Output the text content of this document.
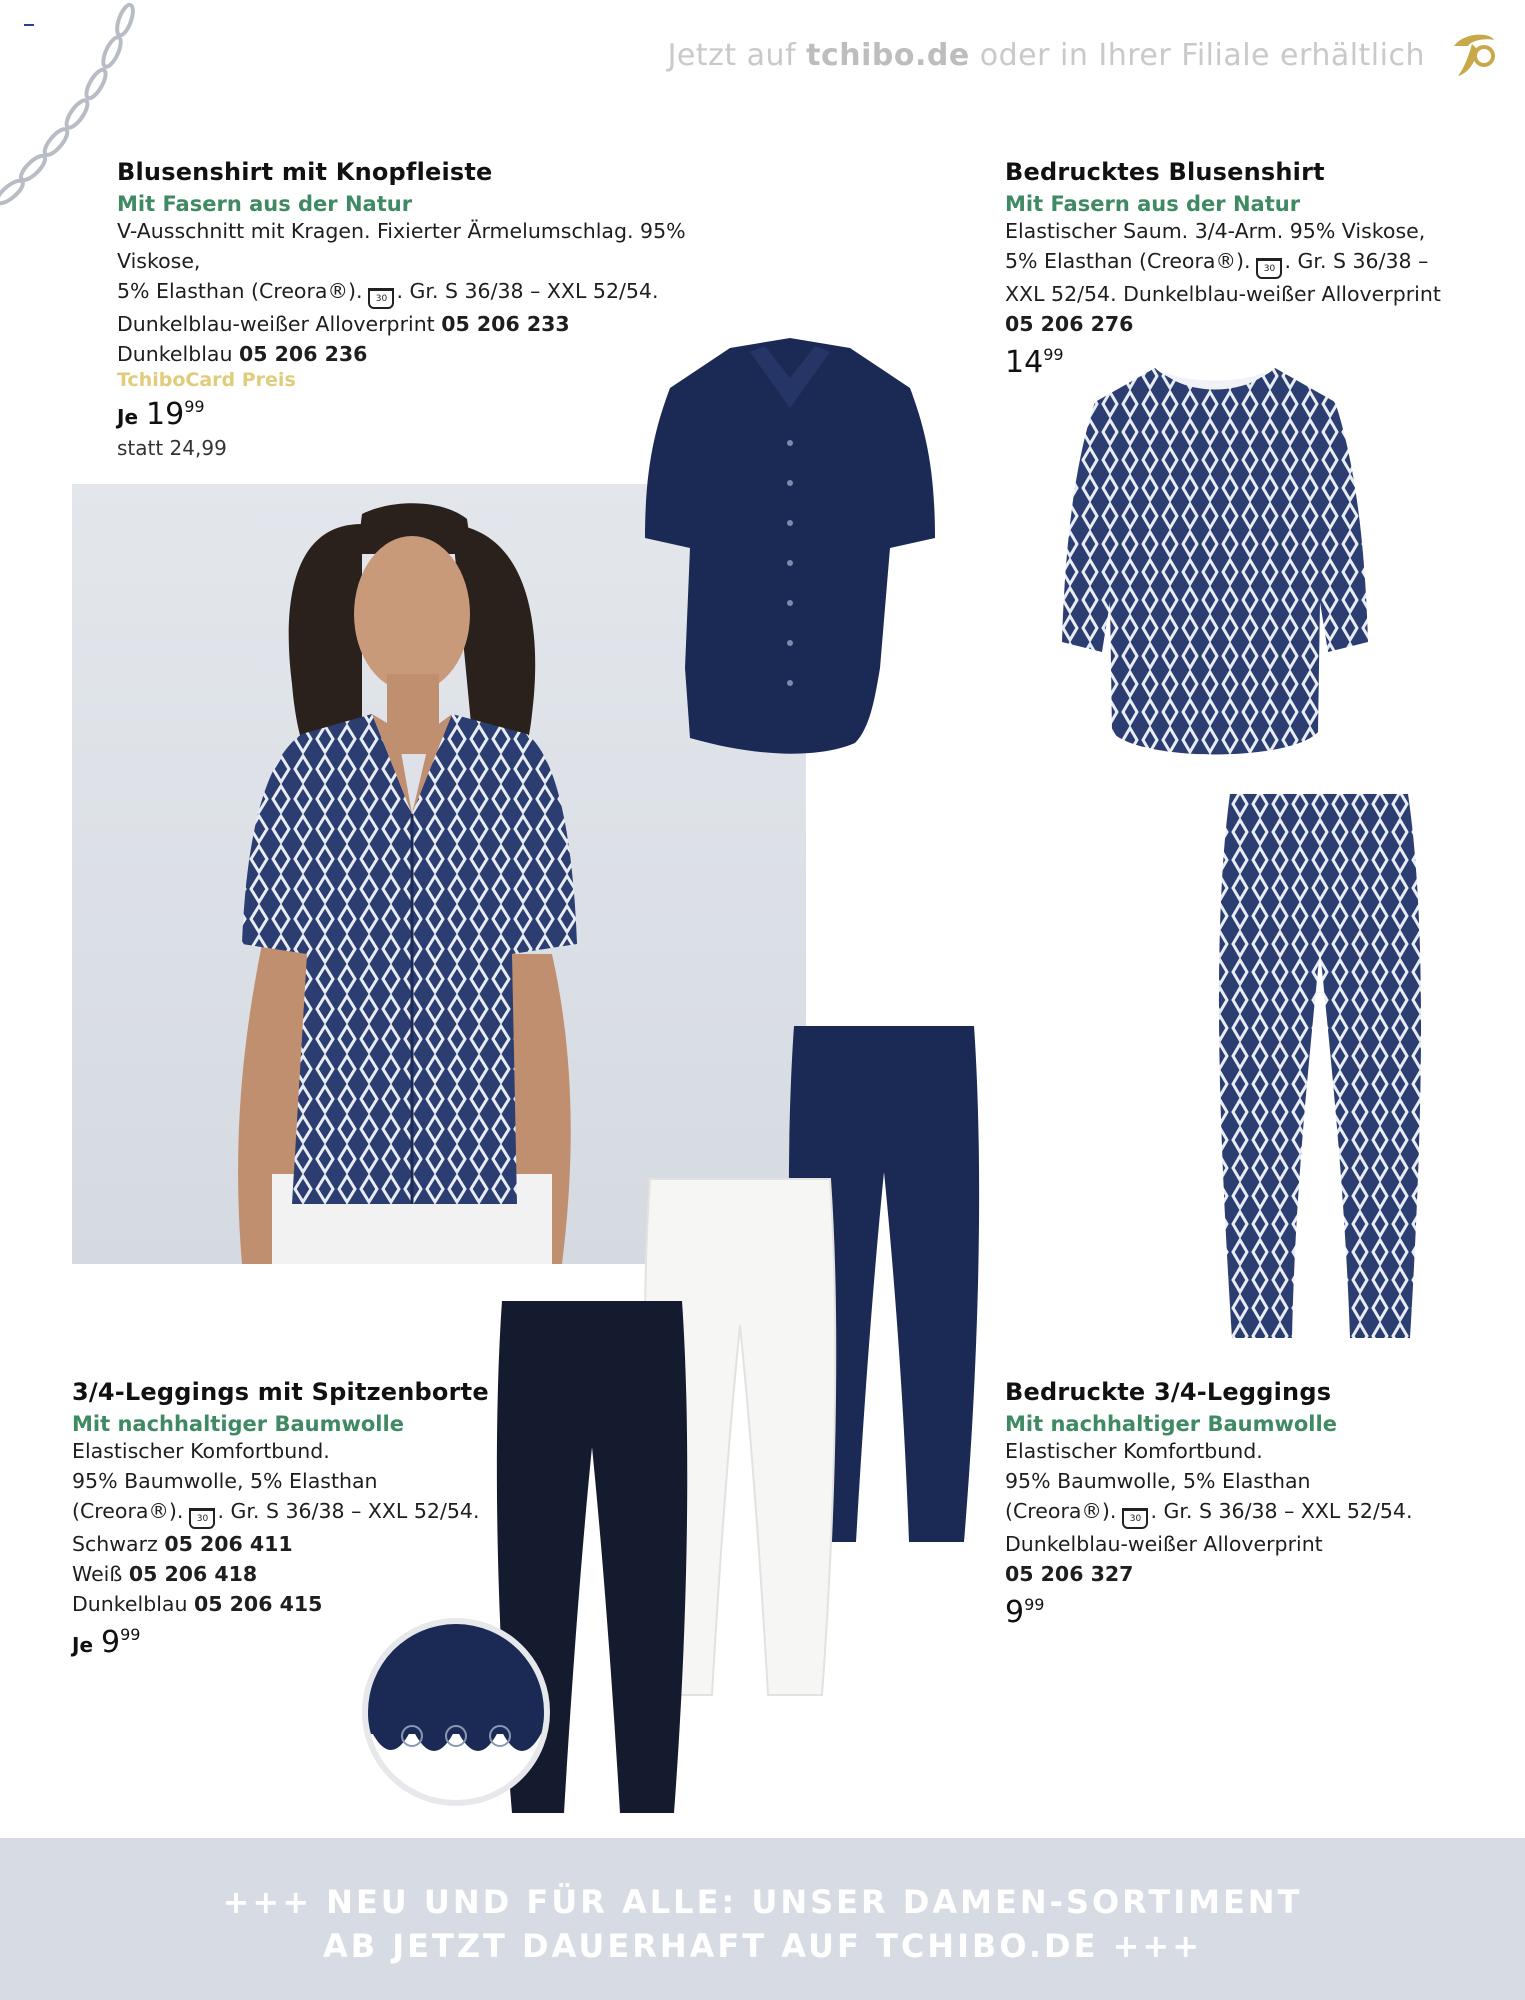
Jetzt auf tchibo.de oder in Ihrer Filiale erhältlich
Blusenshirt mit Knopfleiste
Mit Fasern aus der Natur
V-Ausschnitt mit Kragen. Fixierter Ärmelumschlag. 95% Viskose,
5% Elasthan (Creora®). 30 . Gr. S 36/38 – XXL 52/54.
Dunkelblau-weißer Alloverprint 05 206 233
Dunkelblau 05 206 236
TchiboCard Preis
Je $19^{99}$
statt 24,99
Bedrucktes Blusenshirt
Mit Fasern aus der Natur
Elastischer Saum. 3/4-Arm. 95% Viskose,
5% Elasthan (Creora®). 30 . Gr. S 36/38 –
XXL 52/54. Dunkelblau-weißer Alloverprint
05 206 276
$14^{99}$
3/4-Leggings mit Spitzenborte
Mit nachhaltiger Baumwolle
Elastischer Komfortbund.
95% Baumwolle, 5% Elasthan
(Creora®). 30 . Gr. S 36/38 – XXL 52/54.
Schwarz 05 206 411
Weiß 05 206 418
Dunkelblau 05 206 415
Je $9^{99}$
Bedruckte 3/4-Leggings
Mit nachhaltiger Baumwolle
Elastischer Komfortbund.
95% Baumwolle, 5% Elasthan
(Creora®). 30 . Gr. S 36/38 – XXL 52/54.
Dunkelblau-weißer Alloverprint
05 206 327
$9^{99}$
+++ NEU UND FÜR ALLE: UNSER DAMEN-SORTIMENT
AB JETZT DAUERHAFT AUF TCHIBO.DE +++
